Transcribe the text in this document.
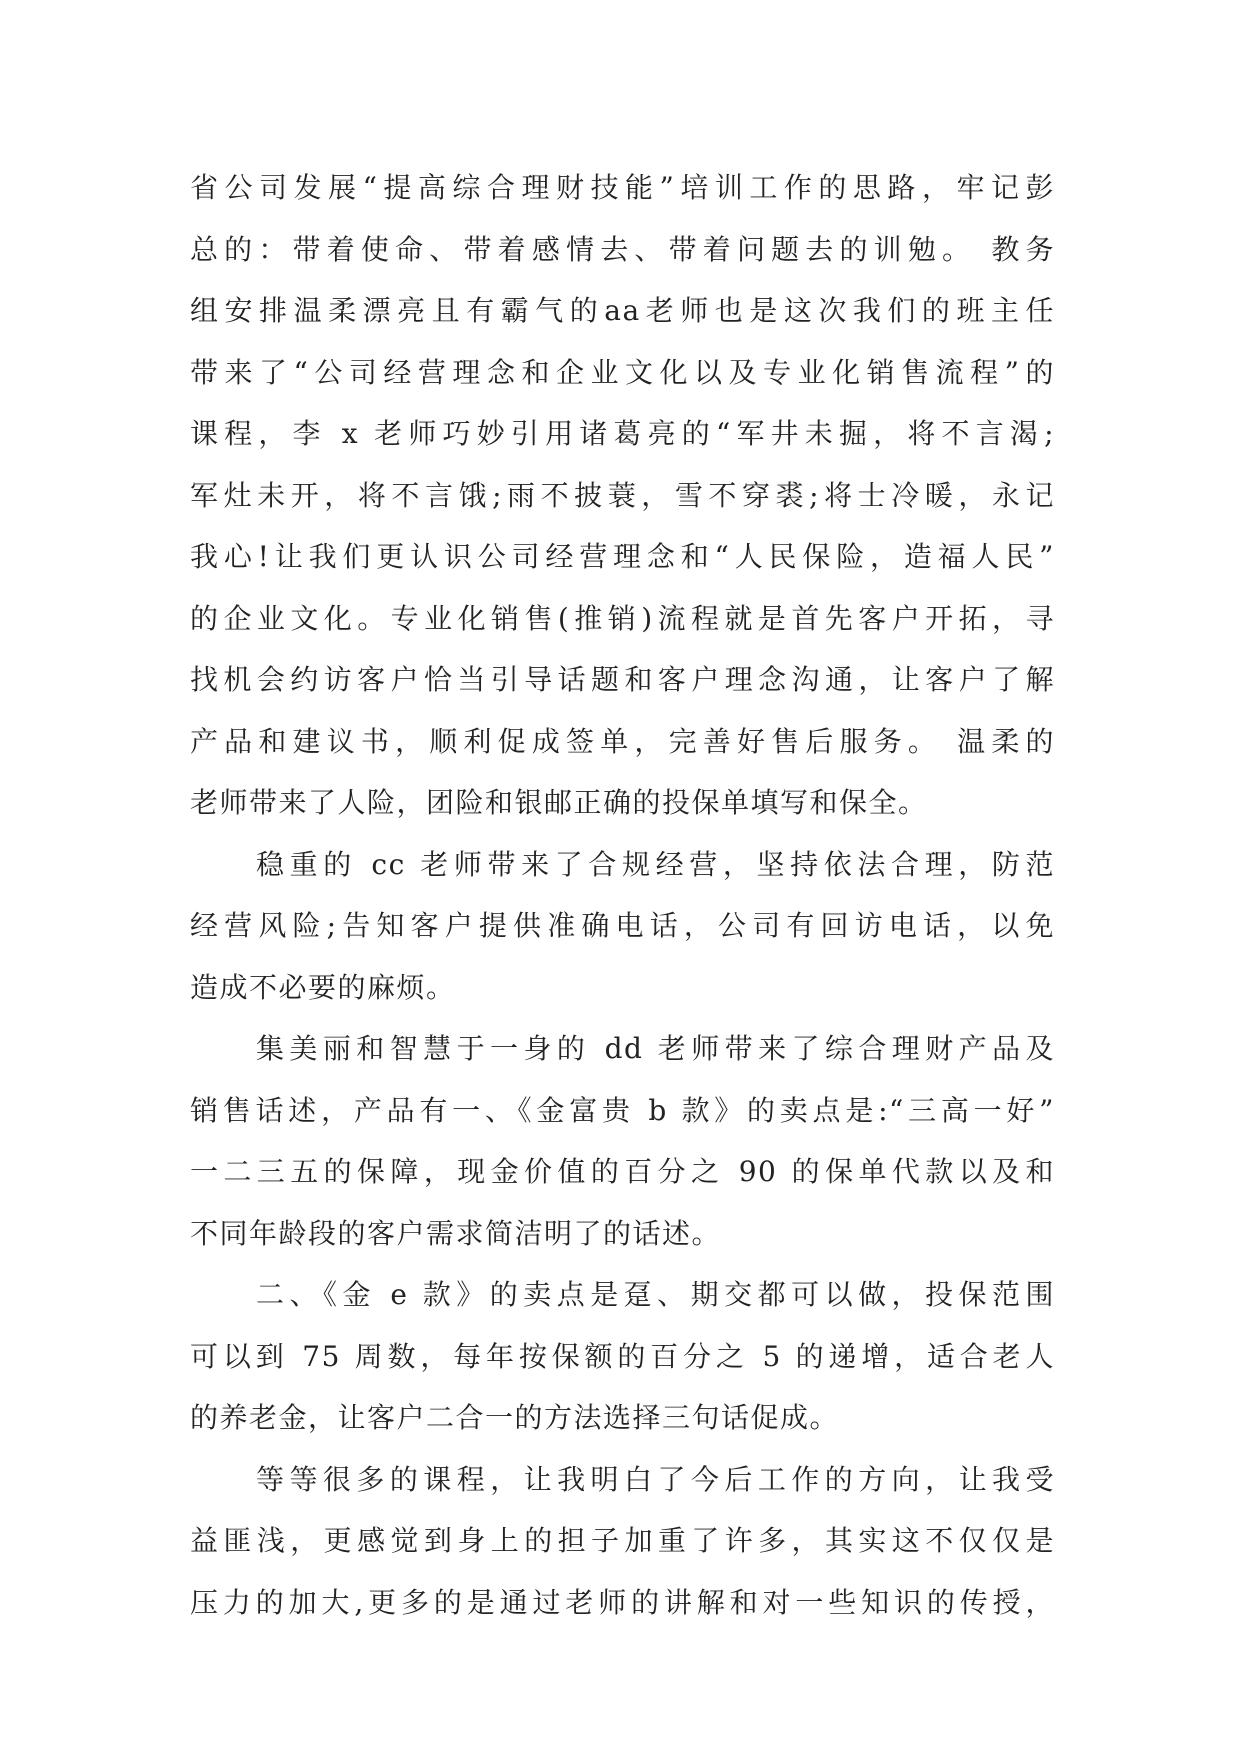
省公司发展“提高综合理财技能”培训工作的思路，牢记彭
总的：带着使命、带着感情去、带着问题去的训勉。 教务
组安排温柔漂亮且有霸气的aa老师也是这次我们的班主任
带来了“公司经营理念和企业文化以及专业化销售流程”的
课程，李 x 老师巧妙引用诸葛亮的“军井未掘，将不言渴;
军灶未开，将不言饿;雨不披蓑，雪不穿裘;将士冷暖，永记
我心!让我们更认识公司经营理念和“人民保险，造福人民”
的企业文化。专业化销售(推销)流程就是首先客户开拓，寻
找机会约访客户恰当引导话题和客户理念沟通，让客户了解
产品和建议书，顺利促成签单，完善好售后服务。 温柔的
老师带来了人险，团险和银邮正确的投保单填写和保全。
稳重的 cc 老师带来了合规经营，坚持依法合理，防范
经营风险;告知客户提供准确电话，公司有回访电话，以免
造成不必要的麻烦。
集美丽和智慧于一身的 dd 老师带来了综合理财产品及
销售话述，产品有一、《金富贵 b 款》的卖点是:“三高一好”
一二三五的保障，现金价值的百分之 90 的保单代款以及和
不同年龄段的客户需求简洁明了的话述。
二、《金 e 款》的卖点是趸、期交都可以做，投保范围
可以到 75 周数，每年按保额的百分之 5 的递增，适合老人
的养老金，让客户二合一的方法选择三句话促成。
等等很多的课程，让我明白了今后工作的方向，让我受
益匪浅，更感觉到身上的担子加重了许多，其实这不仅仅是
压力的加大,更多的是通过老师的讲解和对一些知识的传授，
